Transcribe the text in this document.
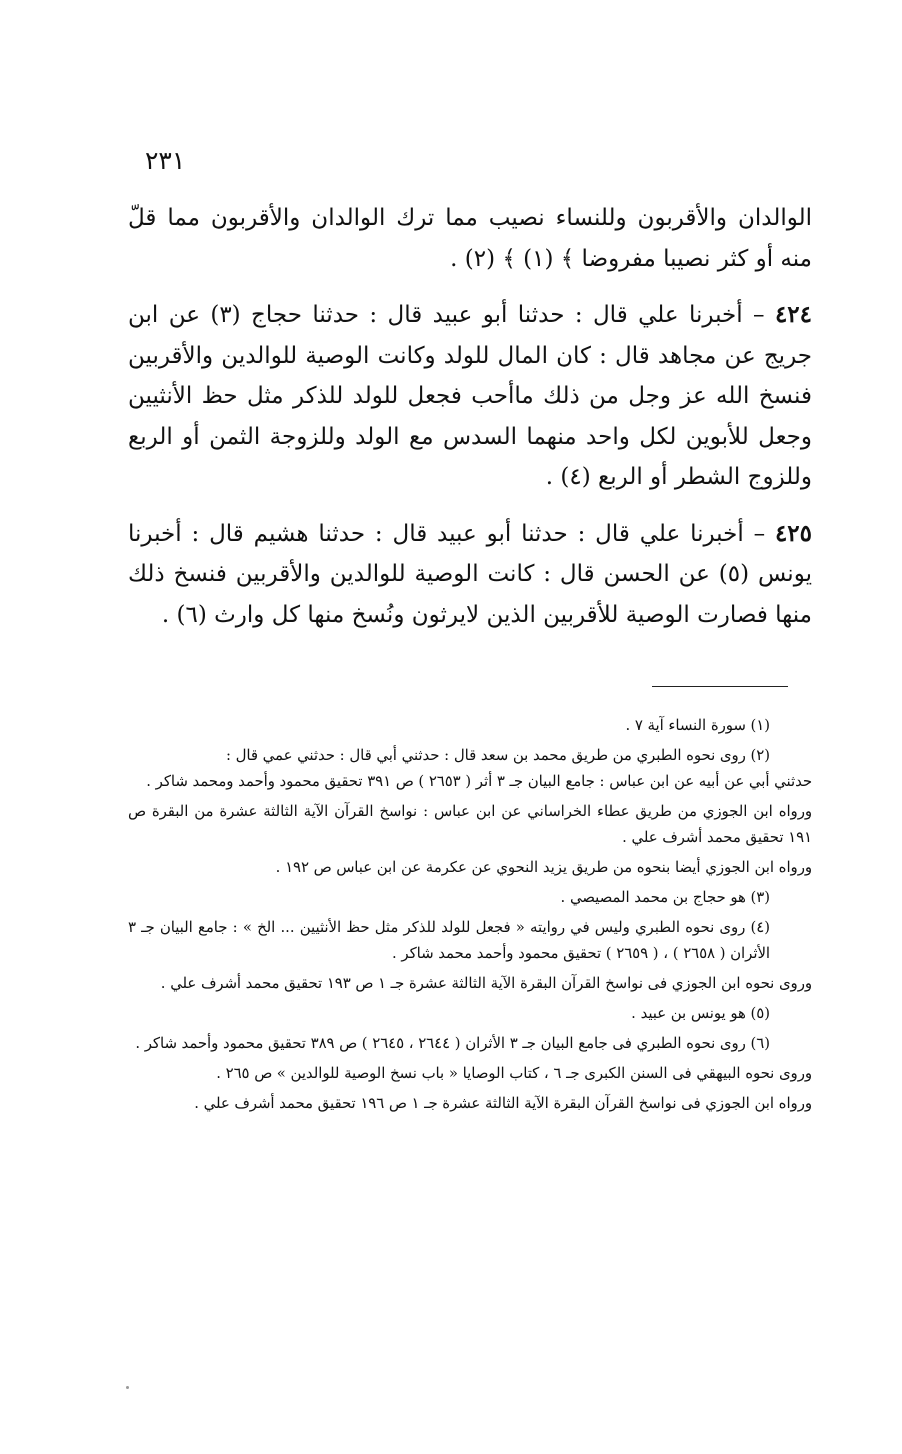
٢٣١

الوالدان والأقربون وللنساء نصيب مما ترك الوالدان والأقربون مما قلّ منه أو كثر نصيبا مفروضا ﴾ (١) ﴾ (٢) .

٤٢٤ – أخبرنا علي قال : حدثنا أبو عبيد قال : حدثنا حجاج (٣) عن ابن جريج عن مجاهد قال : كان المال للولد وكانت الوصية للوالدين والأقربين فنسخ الله عز وجل من ذلك ماأحب فجعل للولد للذكر مثل حظ الأنثيين وجعل للأبوين لكل واحد منهما السدس مع الولد وللزوجة الثمن أو الربع وللزوج الشطر أو الربع (٤) .

٤٢٥ – أخبرنا علي قال : حدثنا أبو عبيد قال : حدثنا هشيم قال : أخبرنا يونس (٥) عن الحسن قال : كانت الوصية للوالدين والأقربين فنسخ ذلك منها فصارت الوصية للأقربين الذين لايرثون ونُسخ منها كل وارث (٦) .

(١) سورة النساء آية ٧ .

(٢) روى نحوه الطبري من طريق محمد بن سعد قال : حدثني أبي قال : حدثني عمي قال :

حدثني أبي عن أبيه عن ابن عباس : جامع البيان جـ ٣ أثر ( ٢٦٥٣ ) ص ٣٩١ تحقيق محمود وأحمد ومحمد شاكر .

ورواه ابن الجوزي من طريق عطاء الخراساني عن ابن عباس : نواسخ القرآن الآية الثالثة عشرة من البقرة ص ١٩١ تحقيق محمد أشرف علي .

ورواه ابن الجوزي أيضا بنحوه من طريق يزيد النحوي عن عكرمة عن ابن عباس ص ١٩٢ .

(٣) هو حجاج بن محمد المصيصي .

(٤) روى نحوه الطبري وليس في روايته « فجعل للولد للذكر مثل حظ الأنثيين ... الخ » : جامع البيان جـ ٣ الأثران ( ٢٦٥٨ ) ، ( ٢٦٥٩ ) تحقيق محمود وأحمد محمد شاكر .

وروى نحوه ابن الجوزي فى نواسخ القرآن البقرة الآية الثالثة عشرة جـ ١ ص ١٩٣ تحقيق محمد أشرف علي .

(٥) هو يونس بن عبيد .

(٦) روى نحوه الطبري فى جامع البيان جـ ٣ الأثران ( ٢٦٤٤ ، ٢٦٤٥ ) ص ٣٨٩ تحقيق محمود وأحمد شاكر .

وروى نحوه البيهقي فى السنن الكبرى جـ ٦ ، كتاب الوصايا « باب نسخ الوصية للوالدين » ص ٢٦٥ .

ورواه ابن الجوزي فى نواسخ القرآن البقرة الآية الثالثة عشرة جـ ١ ص ١٩٦ تحقيق محمد أشرف علي .
